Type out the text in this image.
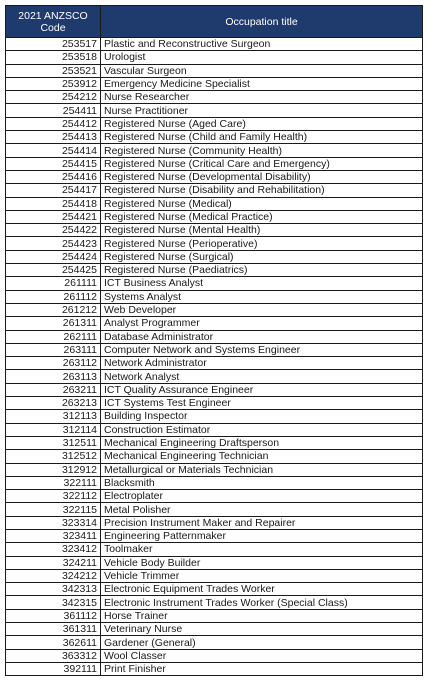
2021 ANZSCO Code	Occupation title
253517	Plastic and Reconstructive Surgeon
253518	Urologist
253521	Vascular Surgeon
253912	Emergency Medicine Specialist
254212	Nurse Researcher
254411	Nurse Practitioner
254412	Registered Nurse (Aged Care)
254413	Registered Nurse (Child and Family Health)
254414	Registered Nurse (Community Health)
254415	Registered Nurse (Critical Care and Emergency)
254416	Registered Nurse (Developmental Disability)
254417	Registered Nurse (Disability and Rehabilitation)
254418	Registered Nurse (Medical)
254421	Registered Nurse (Medical Practice)
254422	Registered Nurse (Mental Health)
254423	Registered Nurse (Perioperative)
254424	Registered Nurse (Surgical)
254425	Registered Nurse (Paediatrics)
261111	ICT Business Analyst
261112	Systems Analyst
261212	Web Developer
261311	Analyst Programmer
262111	Database Administrator
263111	Computer Network and Systems Engineer
263112	Network Administrator
263113	Network Analyst
263211	ICT Quality Assurance Engineer
263213	ICT Systems Test Engineer
312113	Building Inspector
312114	Construction Estimator
312511	Mechanical Engineering Draftsperson
312512	Mechanical Engineering Technician
312912	Metallurgical or Materials Technician
322111	Blacksmith
322112	Electroplater
322115	Metal Polisher
323314	Precision Instrument Maker and Repairer
323411	Engineering Patternmaker
323412	Toolmaker
324211	Vehicle Body Builder
324212	Vehicle Trimmer
342313	Electronic Equipment Trades Worker
342315	Electronic Instrument Trades Worker (Special Class)
361112	Horse Trainer
361311	Veterinary Nurse
362611	Gardener (General)
363312	Wool Classer
392111	Print Finisher
